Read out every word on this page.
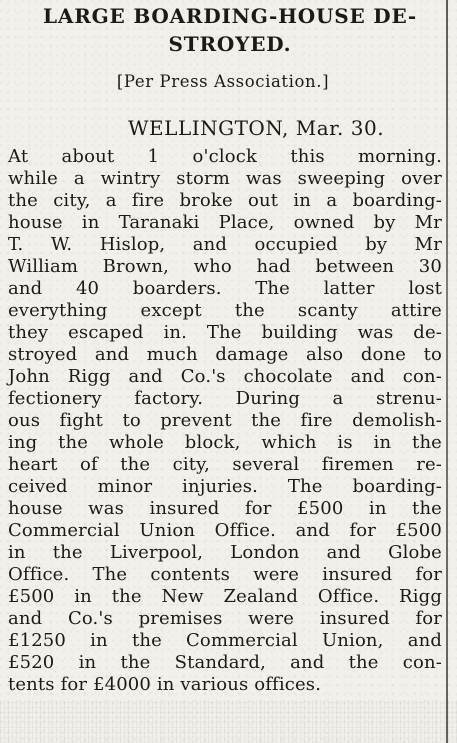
LARGE BOARDING-HOUSE DE-
STROYED.
[Per Press Association.]
WELLINGTON, Mar. 30.
At about 1 o'clock this morning.
while a wintry storm was sweeping over
the city, a fire broke out in a boarding-
house in Taranaki Place, owned by Mr
T. W. Hislop, and occupied by Mr
William Brown, who had between 30
and 40 boarders. The latter lost
everything except the scanty attire
they escaped in. The building was de-
stroyed and much damage also done to
John Rigg and Co.'s chocolate and con-
fectionery factory. During a strenu-
ous fight to prevent the fire demolish-
ing the whole block, which is in the
heart of the city, several firemen re-
ceived minor injuries. The boarding-
house was insured for £500 in the
Commercial Union Office. and for £500
in the Liverpool, London and Globe
Office. The contents were insured for
£500 in the New Zealand Office. Rigg
and Co.'s premises were insured for
£1250 in the Commercial Union, and
£520 in the Standard, and the con-
tents for £4000 in various offices.
